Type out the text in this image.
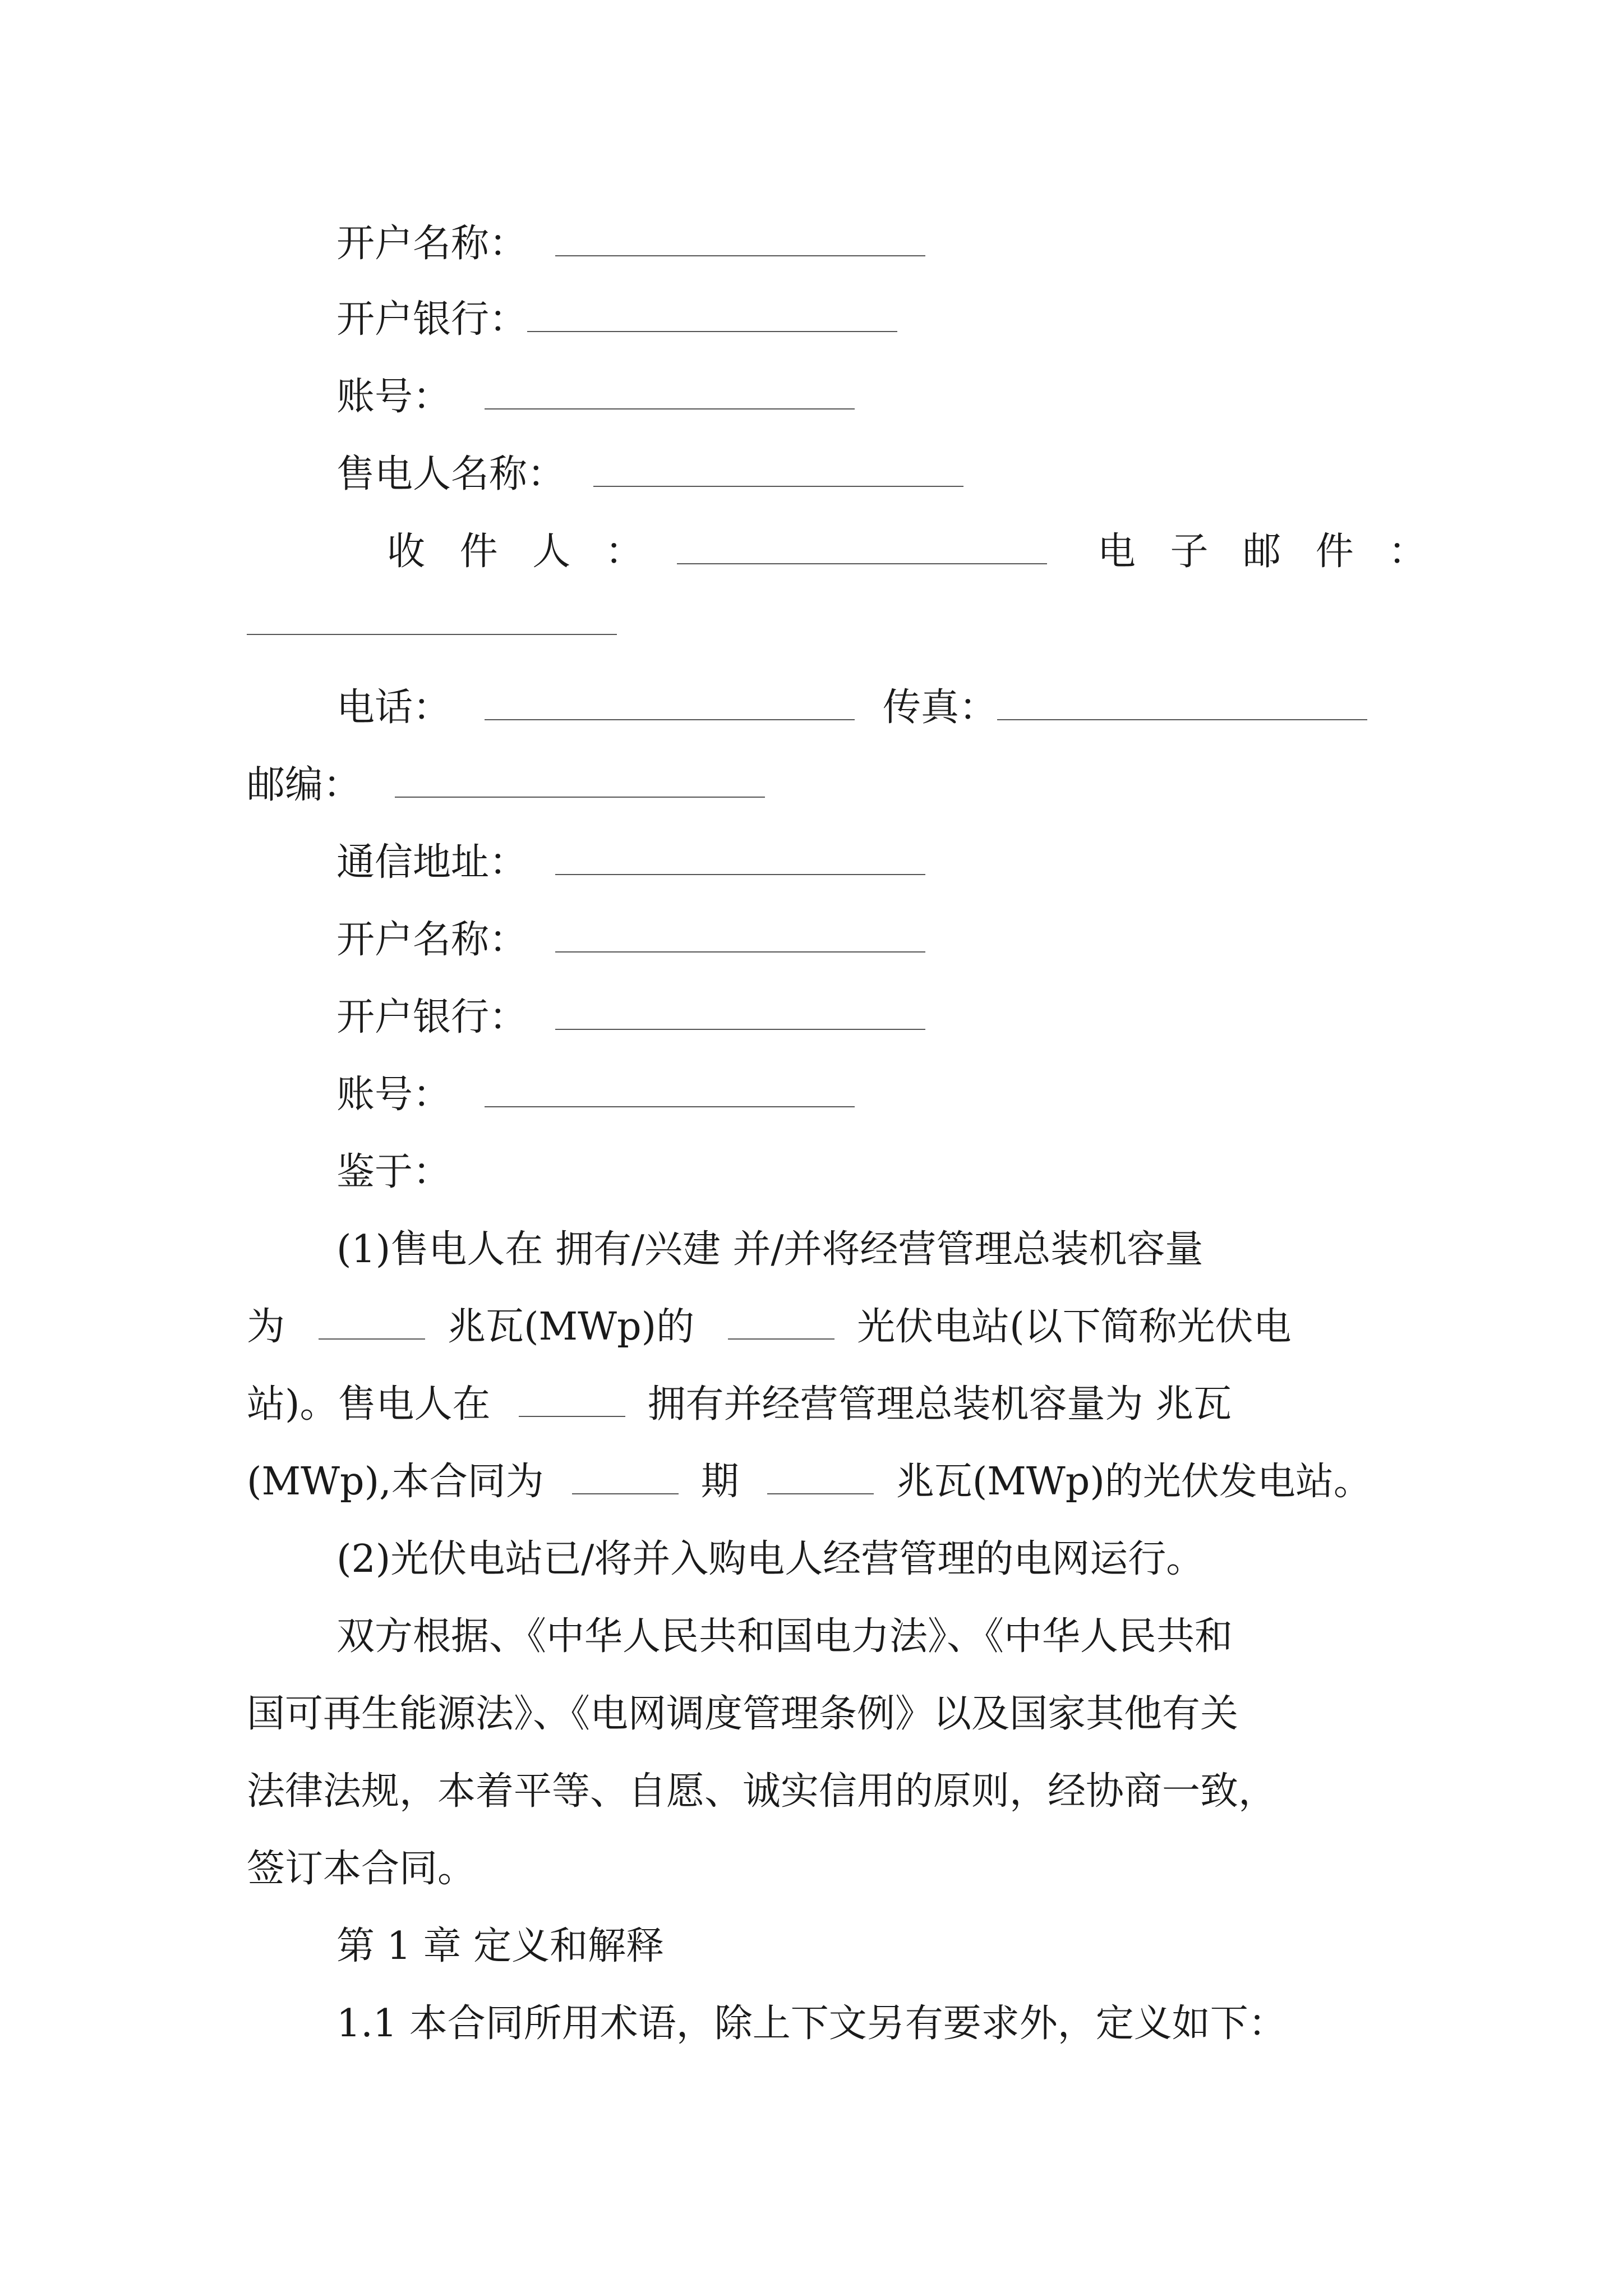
开户名称：
开户银行：
账号：
售电人名称：
收 件 人 ：	电 子 邮 件 ：
电话：	传真：
邮编：
通信地址：
开户名称：
开户银行：
账号：
鉴于：
(1)售电人在 拥有/兴建 并/并将经营管理总装机容量
为	兆瓦(MWp)的	光伏电站(以下简称光伏电
站)。售电人在	拥有并经营管理总装机容量为 兆瓦
(MWp),本合同为	期	兆瓦(MWp)的光伏发电站。
(2)光伏电站已/将并入购电人经营管理的电网运行。
双方根据、《中华人民共和国电力法》、《中华人民共和
国可再生能源法》、《电网调度管理条例》以及国家其他有关
法律法规，本着平等、自愿、诚实信用的原则，经协商一致，
签订本合同。
第 1 章 定义和解释
1.1 本合同所用术语，除上下文另有要求外，定义如下：
